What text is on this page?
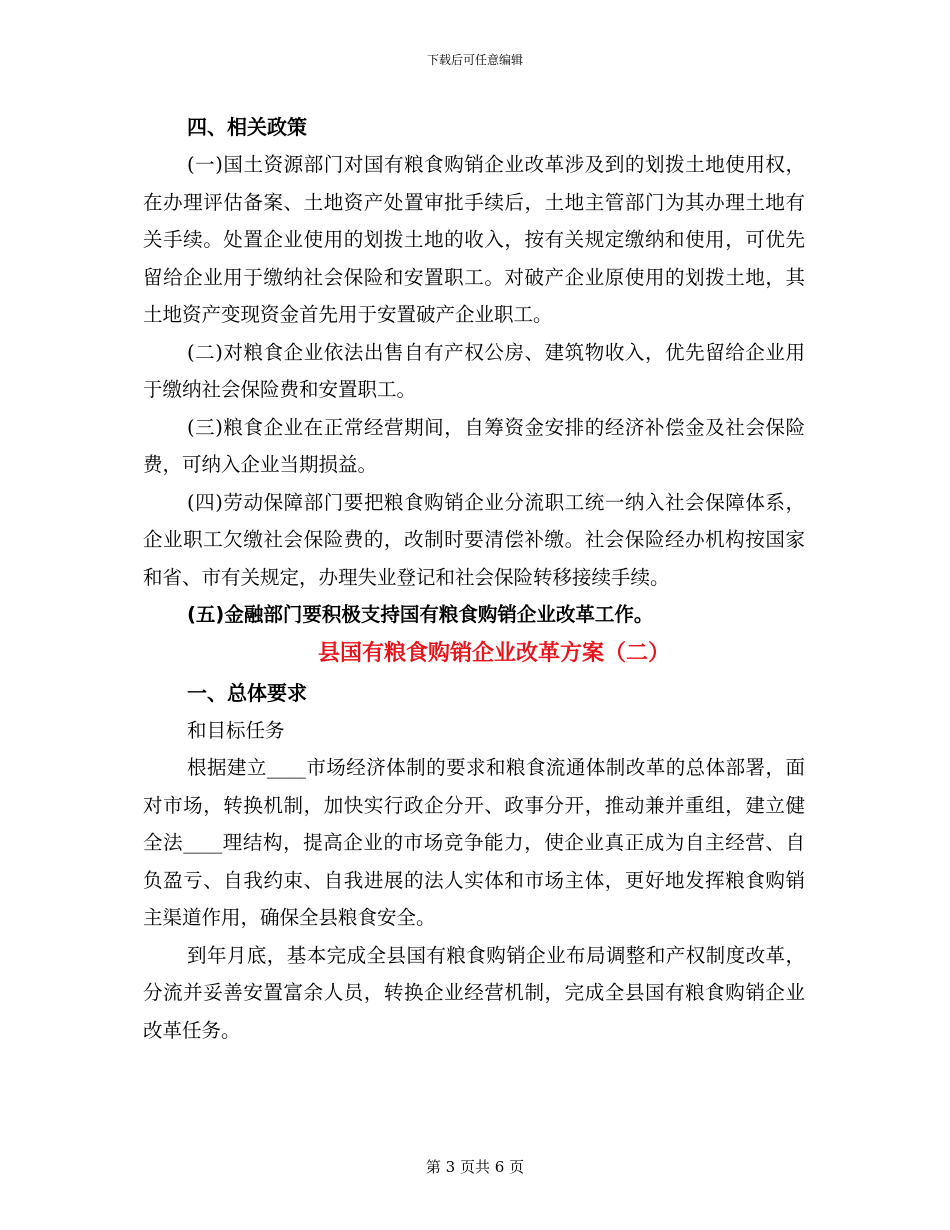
下载后可任意编辑
四、相关政策

(一)国土资源部门对国有粮食购销企业改革涉及到的划拨土地使用权，在办理评估备案、土地资产处置审批手续后，土地主管部门为其办理土地有关手续。处置企业使用的划拨土地的收入，按有关规定缴纳和使用，可优先留给企业用于缴纳社会保险和安置职工。对破产企业原使用的划拨土地，其土地资产变现资金首先用于安置破产企业职工。

(二)对粮食企业依法出售自有产权公房、建筑物收入，优先留给企业用于缴纳社会保险费和安置职工。

(三)粮食企业在正常经营期间，自筹资金安排的经济补偿金及社会保险费，可纳入企业当期损益。

(四)劳动保障部门要把粮食购销企业分流职工统一纳入社会保障体系，企业职工欠缴社会保险费的，改制时要清偿补缴。社会保险经办机构按国家和省、市有关规定，办理失业登记和社会保险转移接续手续。

(五)金融部门要积极支持国有粮食购销企业改革工作。

县国有粮食购销企业改革方案（二）
一、总体要求
和目标任务

根据建立____市场经济体制的要求和粮食流通体制改革的总体部署，面对市场，转换机制，加快实行政企分开、政事分开，推动兼并重组，建立健全法____理结构，提高企业的市场竞争能力，使企业真正成为自主经营、自负盈亏、自我约束、自我进展的法人实体和市场主体，更好地发挥粮食购销主渠道作用，确保全县粮食安全。

到年月底，基本完成全县国有粮食购销企业布局调整和产权制度改革，分流并妥善安置富余人员，转换企业经营机制，完成全县国有粮食购销企业改革任务。

第 3 页共 6 页
